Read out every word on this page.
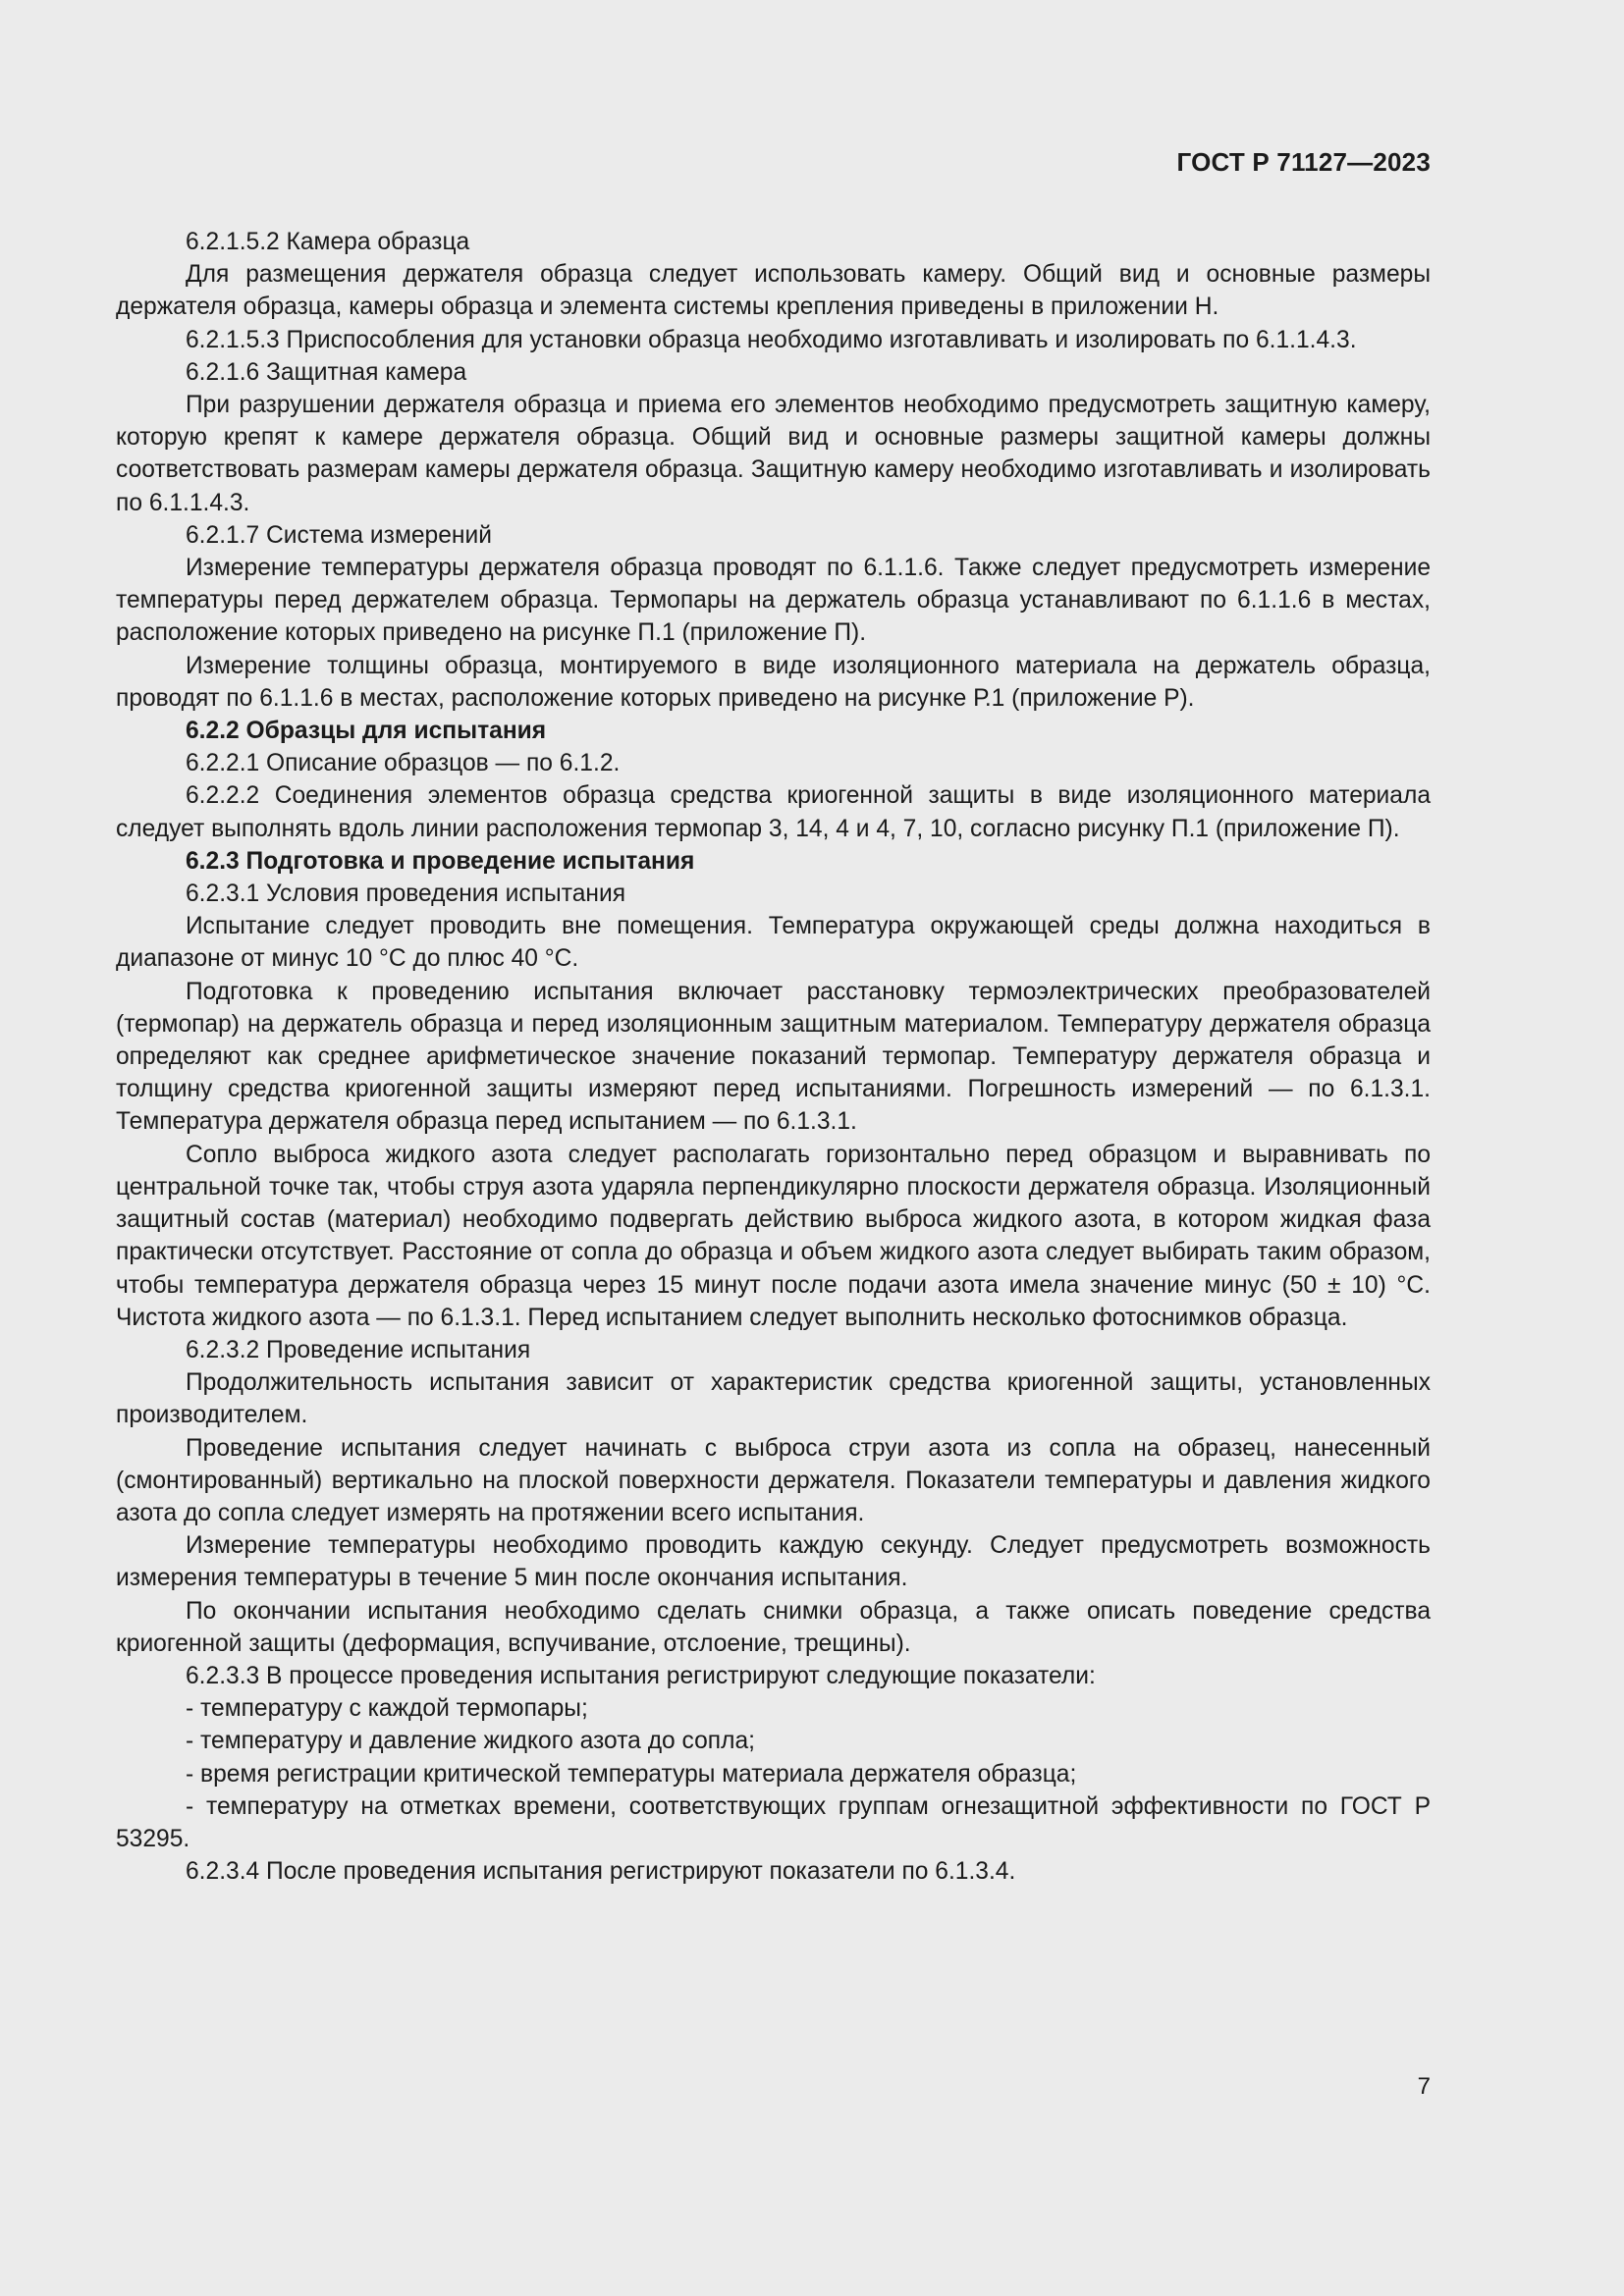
ГОСТ Р 71127—2023

6.2.1.5.2 Камера образца

Для размещения держателя образца следует использовать камеру. Общий вид и основные размеры держателя образца, камеры образца и элемента системы крепления приведены в приложении Н.

6.2.1.5.3 Приспособления для установки образца необходимо изготавливать и изолировать по 6.1.1.4.3.

6.2.1.6 Защитная камера

При разрушении держателя образца и приема его элементов необходимо предусмотреть защитную камеру, которую крепят к камере держателя образца. Общий вид и основные размеры защитной камеры должны соответствовать размерам камеры держателя образца. Защитную камеру необходимо изготавливать и изолировать по 6.1.1.4.3.

6.2.1.7 Система измерений

Измерение температуры держателя образца проводят по 6.1.1.6. Также следует предусмотреть измерение температуры перед держателем образца. Термопары на держатель образца устанавливают по 6.1.1.6 в местах, расположение которых приведено на рисунке П.1 (приложение П).

Измерение толщины образца, монтируемого в виде изоляционного материала на держатель образца, проводят по 6.1.1.6 в местах, расположение которых приведено на рисунке Р.1 (приложение Р).

6.2.2 Образцы для испытания

6.2.2.1 Описание образцов — по 6.1.2.

6.2.2.2 Соединения элементов образца средства криогенной защиты в виде изоляционного материала следует выполнять вдоль линии расположения термопар 3, 14, 4 и 4, 7, 10, согласно рисунку П.1 (приложение П).

6.2.3 Подготовка и проведение испытания

6.2.3.1 Условия проведения испытания

Испытание следует проводить вне помещения. Температура окружающей среды должна находиться в диапазоне от минус 10 °С до плюс 40 °С.

Подготовка к проведению испытания включает расстановку термоэлектрических преобразователей (термопар) на держатель образца и перед изоляционным защитным материалом. Температуру держателя образца определяют как среднее арифметическое значение показаний термопар. Температуру держателя образца и толщину средства криогенной защиты измеряют перед испытаниями. Погрешность измерений — по 6.1.3.1. Температура держателя образца перед испытанием — по 6.1.3.1.

Сопло выброса жидкого азота следует располагать горизонтально перед образцом и выравнивать по центральной точке так, чтобы струя азота ударяла перпендикулярно плоскости держателя образца. Изоляционный защитный состав (материал) необходимо подвергать действию выброса жидкого азота, в котором жидкая фаза практически отсутствует. Расстояние от сопла до образца и объем жидкого азота следует выбирать таким образом, чтобы температура держателя образца через 15 минут после подачи азота имела значение минус (50 ± 10) °С. Чистота жидкого азота — по 6.1.3.1. Перед испытанием следует выполнить несколько фотоснимков образца.

6.2.3.2 Проведение испытания

Продолжительность испытания зависит от характеристик средства криогенной защиты, установленных производителем.

Проведение испытания следует начинать с выброса струи азота из сопла на образец, нанесенный (смонтированный) вертикально на плоской поверхности держателя. Показатели температуры и давления жидкого азота до сопла следует измерять на протяжении всего испытания.

Измерение температуры необходимо проводить каждую секунду. Следует предусмотреть возможность измерения температуры в течение 5 мин после окончания испытания.

По окончании испытания необходимо сделать снимки образца, а также описать поведение средства криогенной защиты (деформация, вспучивание, отслоение, трещины).

6.2.3.3 В процессе проведения испытания регистрируют следующие показатели:

- температуру с каждой термопары;

- температуру и давление жидкого азота до сопла;

- время регистрации критической температуры материала держателя образца;

- температуру на отметках времени, соответствующих группам огнезащитной эффективности по ГОСТ Р 53295.

6.2.3.4 После проведения испытания регистрируют показатели по 6.1.3.4.

7
